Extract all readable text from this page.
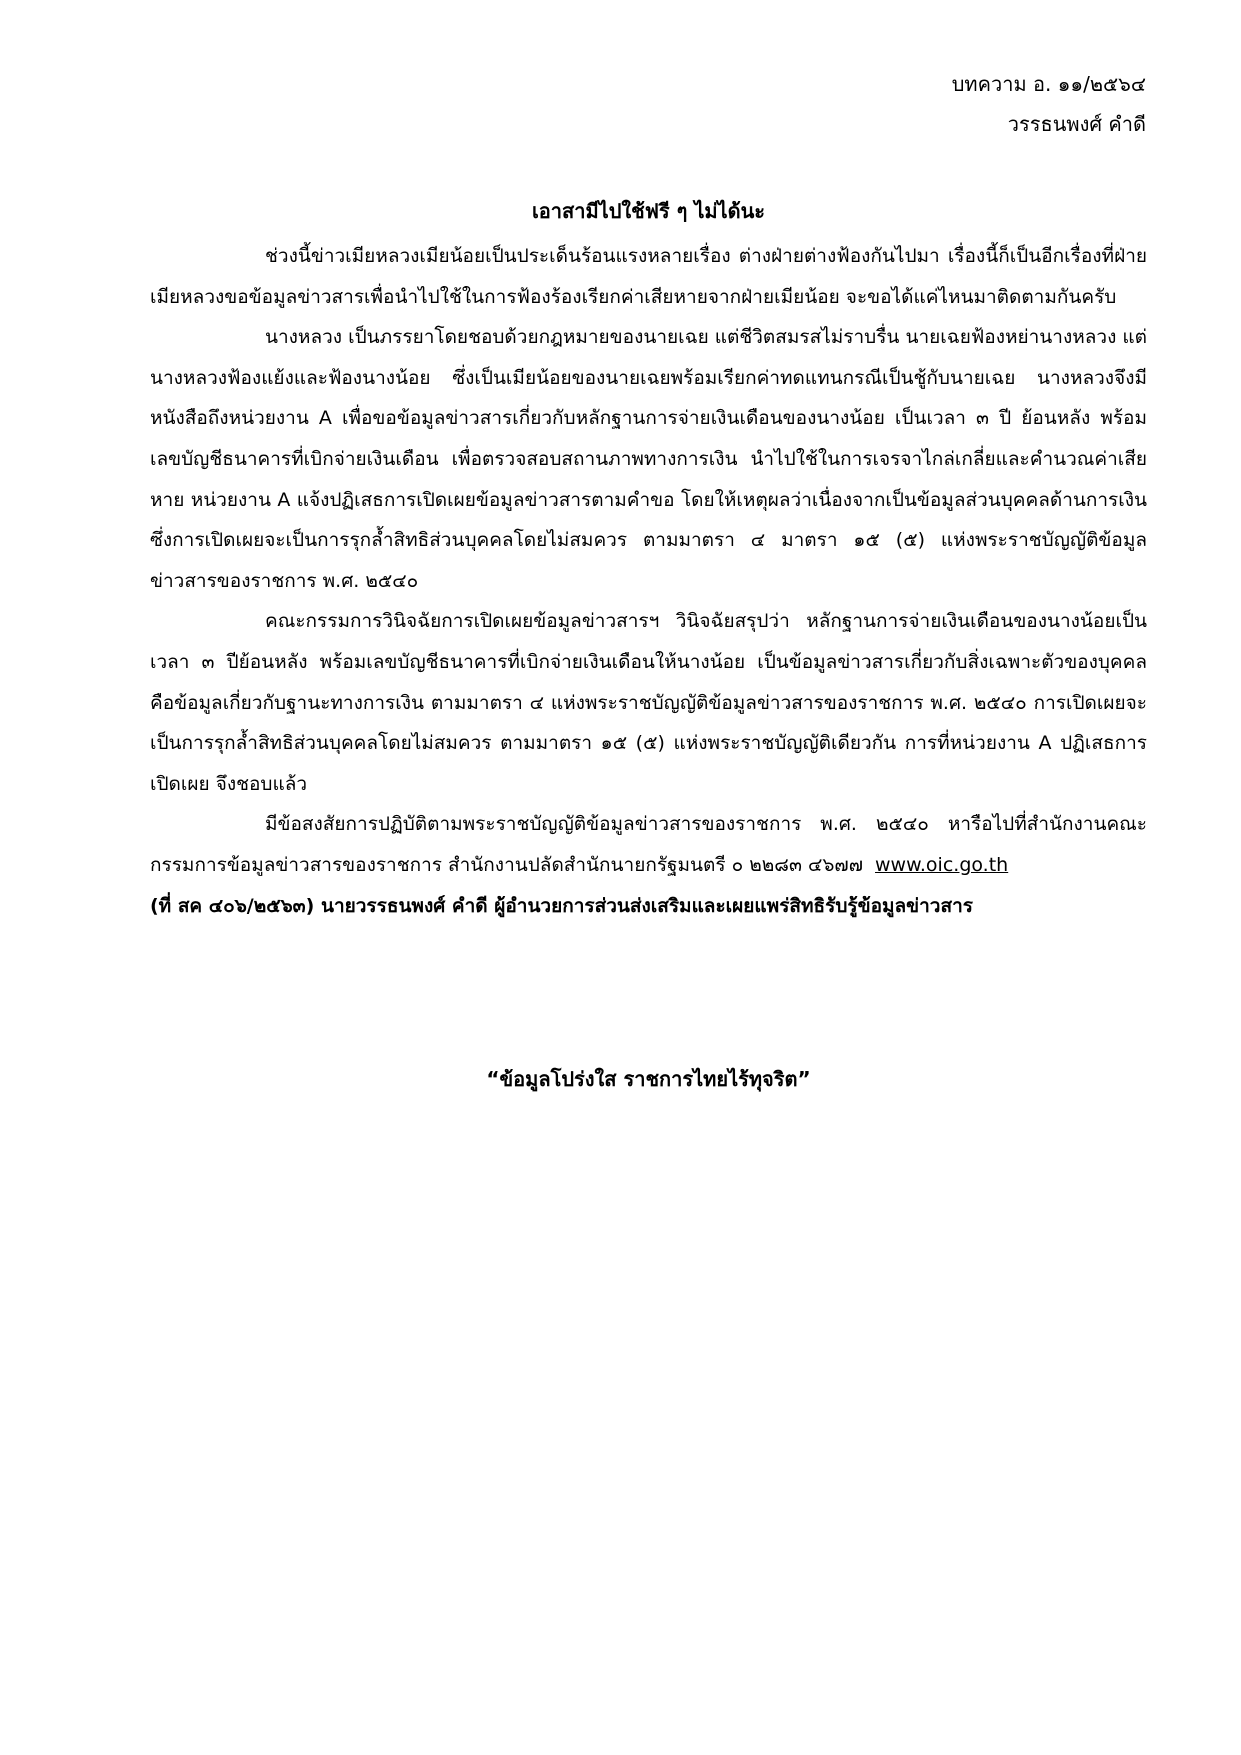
บทความ อ. ๑๑/๒๕๖๔
วรรธนพงศ์ คำดี
เอาสามีไปใช้ฟรี ๆ ไม่ได้นะ

ช่วงนี้ข่าวเมียหลวงเมียน้อยเป็นประเด็นร้อนแรงหลายเรื่อง ต่างฝ่ายต่างฟ้องกันไปมา เรื่องนี้ก็เป็นอีกเรื่องที่ฝ่ายเมียหลวงขอข้อมูลข่าวสารเพื่อนำไปใช้ในการฟ้องร้องเรียกค่าเสียหายจากฝ่ายเมียน้อย จะขอได้แค่ไหนมาติดตามกันครับ

นางหลวง เป็นภรรยาโดยชอบด้วยกฎหมายของนายเฉย แต่ชีวิตสมรสไม่ราบรื่น นายเฉยฟ้องหย่านางหลวง แต่นางหลวงฟ้องแย้งและฟ้องนางน้อย ซึ่งเป็นเมียน้อยของนายเฉยพร้อมเรียกค่าทดแทนกรณีเป็นชู้กับนายเฉย นางหลวงจึงมีหนังสือถึงหน่วยงาน A เพื่อขอข้อมูลข่าวสารเกี่ยวกับหลักฐานการจ่ายเงินเดือนของนางน้อย เป็นเวลา ๓ ปี ย้อนหลัง พร้อมเลขบัญชีธนาคารที่เบิกจ่ายเงินเดือน เพื่อตรวจสอบสถานภาพทางการเงิน นำไปใช้ในการเจรจาไกล่เกลี่ยและคำนวณค่าเสียหาย หน่วยงาน A แจ้งปฏิเสธการเปิดเผยข้อมูลข่าวสารตามคำขอ โดยให้เหตุผลว่าเนื่องจากเป็นข้อมูลส่วนบุคคลด้านการเงิน ซึ่งการเปิดเผยจะเป็นการรุกล้ำสิทธิส่วนบุคคลโดยไม่สมควร ตามมาตรา ๔ มาตรา ๑๕ (๕) แห่งพระราชบัญญัติข้อมูลข่าวสารของราชการ พ.ศ. ๒๕๔๐

คณะกรรมการวินิจฉัยการเปิดเผยข้อมูลข่าวสารฯ วินิจฉัยสรุปว่า หลักฐานการจ่ายเงินเดือนของนางน้อยเป็นเวลา ๓ ปีย้อนหลัง พร้อมเลขบัญชีธนาคารที่เบิกจ่ายเงินเดือนให้นางน้อย เป็นข้อมูลข่าวสารเกี่ยวกับสิ่งเฉพาะตัวของบุคคล คือข้อมูลเกี่ยวกับฐานะทางการเงิน ตามมาตรา ๔ แห่งพระราชบัญญัติข้อมูลข่าวสารของราชการ พ.ศ. ๒๕๔๐ การเปิดเผยจะเป็นการรุกล้ำสิทธิส่วนบุคคลโดยไม่สมควร ตามมาตรา ๑๕ (๕) แห่งพระราชบัญญัติเดียวกัน การที่หน่วยงาน A ปฏิเสธการเปิดเผย จึงชอบแล้ว

มีข้อสงสัยการปฏิบัติตามพระราชบัญญัติข้อมูลข่าวสารของราชการ พ.ศ. ๒๕๔๐ หารือไปที่สำนักงานคณะกรรมการข้อมูลข่าวสารของราชการ สำนักงานปลัดสำนักนายกรัฐมนตรี ๐ ๒๒๘๓ ๔๖๗๗ www.oic.go.th

(ที่ สค ๔๐๖/๒๕๖๓) นายวรรธนพงศ์ คำดี ผู้อำนวยการส่วนส่งเสริมและเผยแพร่สิทธิรับรู้ข้อมูลข่าวสาร
“ข้อมูลโปร่งใส ราชการไทยไร้ทุจริต”
